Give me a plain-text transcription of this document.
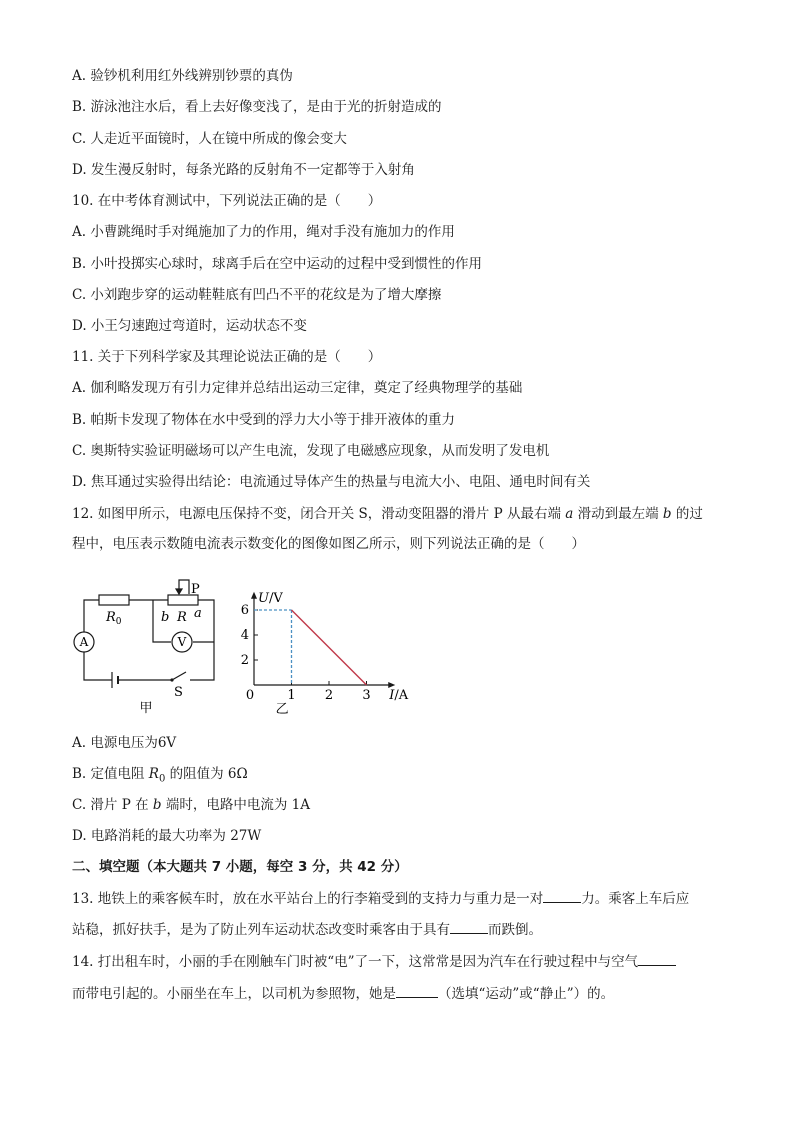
A. 验钞机利用红外线辨别钞票的真伪
B. 游泳池注水后，看上去好像变浅了，是由于光的折射造成的
C. 人走近平面镜时，人在镜中所成的像会变大
D. 发生漫反射时，每条光路的反射角不一定都等于入射角
10. 在中考体育测试中，下列说法正确的是（　　）
A. 小曹跳绳时手对绳施加了力的作用，绳对手没有施加力的作用
B. 小叶投掷实心球时，球离手后在空中运动的过程中受到惯性的作用
C. 小刘跑步穿的运动鞋鞋底有凹凸不平的花纹是为了增大摩擦
D. 小王匀速跑过弯道时，运动状态不变
11. 关于下列科学家及其理论说法正确的是（　　）
A. 伽利略发现万有引力定律并总结出运动三定律，奠定了经典物理学的基础
B. 帕斯卡发现了物体在水中受到的浮力大小等于排开液体的重力
C. 奥斯特实验证明磁场可以产生电流，发现了电磁感应现象，从而发明了发电机
D. 焦耳通过实验得出结论：电流通过导体产生的热量与电流大小、电阻、通电时间有关
12. 如图甲所示，电源电压保持不变，闭合开关 S，滑动变阻器的滑片 P 从最右端 a 滑动到最左端 b 的过
程中，电压表示数随电流表示数变化的图像如图乙所示，则下列说法正确的是（　　）
P
$R_0$	b R a
A	V
S
甲
0	1 2 3
2
4
6
U/V
I/A
乙
A. 电源电压为6V
B. 定值电阻 $R_0$ 的阻值为 6Ω
C. 滑片 P 在 b 端时，电路中电流为 1A
D. 电路消耗的最大功率为 27W
二、填空题（本大题共 7 小题，每空 3 分，共 42 分）
13. 地铁上的乘客候车时，放在水平站台上的行李箱受到的支持力与重力是一对	力。乘客上车后应
站稳，抓好扶手，是为了防止列车运动状态改变时乘客由于具有	而跌倒。
14. 打出租车时，小丽的手在刚触车门时被“电”了一下，这常常是因为汽车在行驶过程中与空气
而带电引起的。小丽坐在车上，以司机为参照物，她是	（选填“运动”或“静止”）的。
